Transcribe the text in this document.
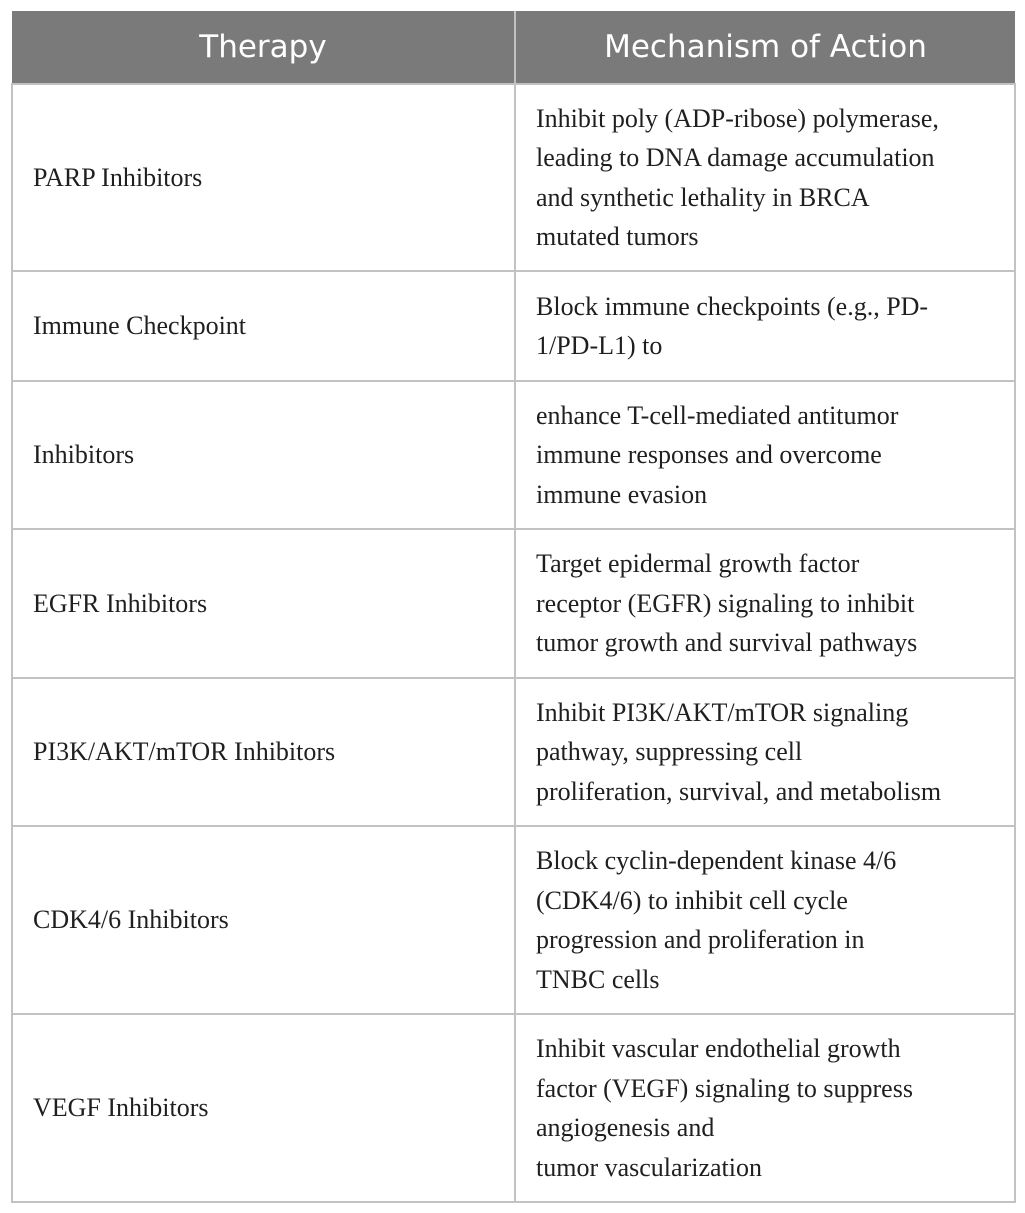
Therapy	Mechanism of Action
PARP Inhibitors	Inhibit poly (ADP-ribose) polymerase,
leading to DNA damage accumulation
and synthetic lethality in BRCA
mutated tumors
Immune Checkpoint	Block immune checkpoints (e.g., PD-
1/PD-L1) to
Inhibitors	enhance T-cell-mediated antitumor
immune responses and overcome
immune evasion
EGFR Inhibitors	Target epidermal growth factor
receptor (EGFR) signaling to inhibit
tumor growth and survival pathways
PI3K/AKT/mTOR Inhibitors	Inhibit PI3K/AKT/mTOR signaling
pathway, suppressing cell
proliferation, survival, and metabolism
CDK4/6 Inhibitors	Block cyclin-dependent kinase 4/6
(CDK4/6) to inhibit cell cycle
progression and proliferation in
TNBC cells
VEGF Inhibitors	Inhibit vascular endothelial growth
factor (VEGF) signaling to suppress
angiogenesis and
tumor vascularization
